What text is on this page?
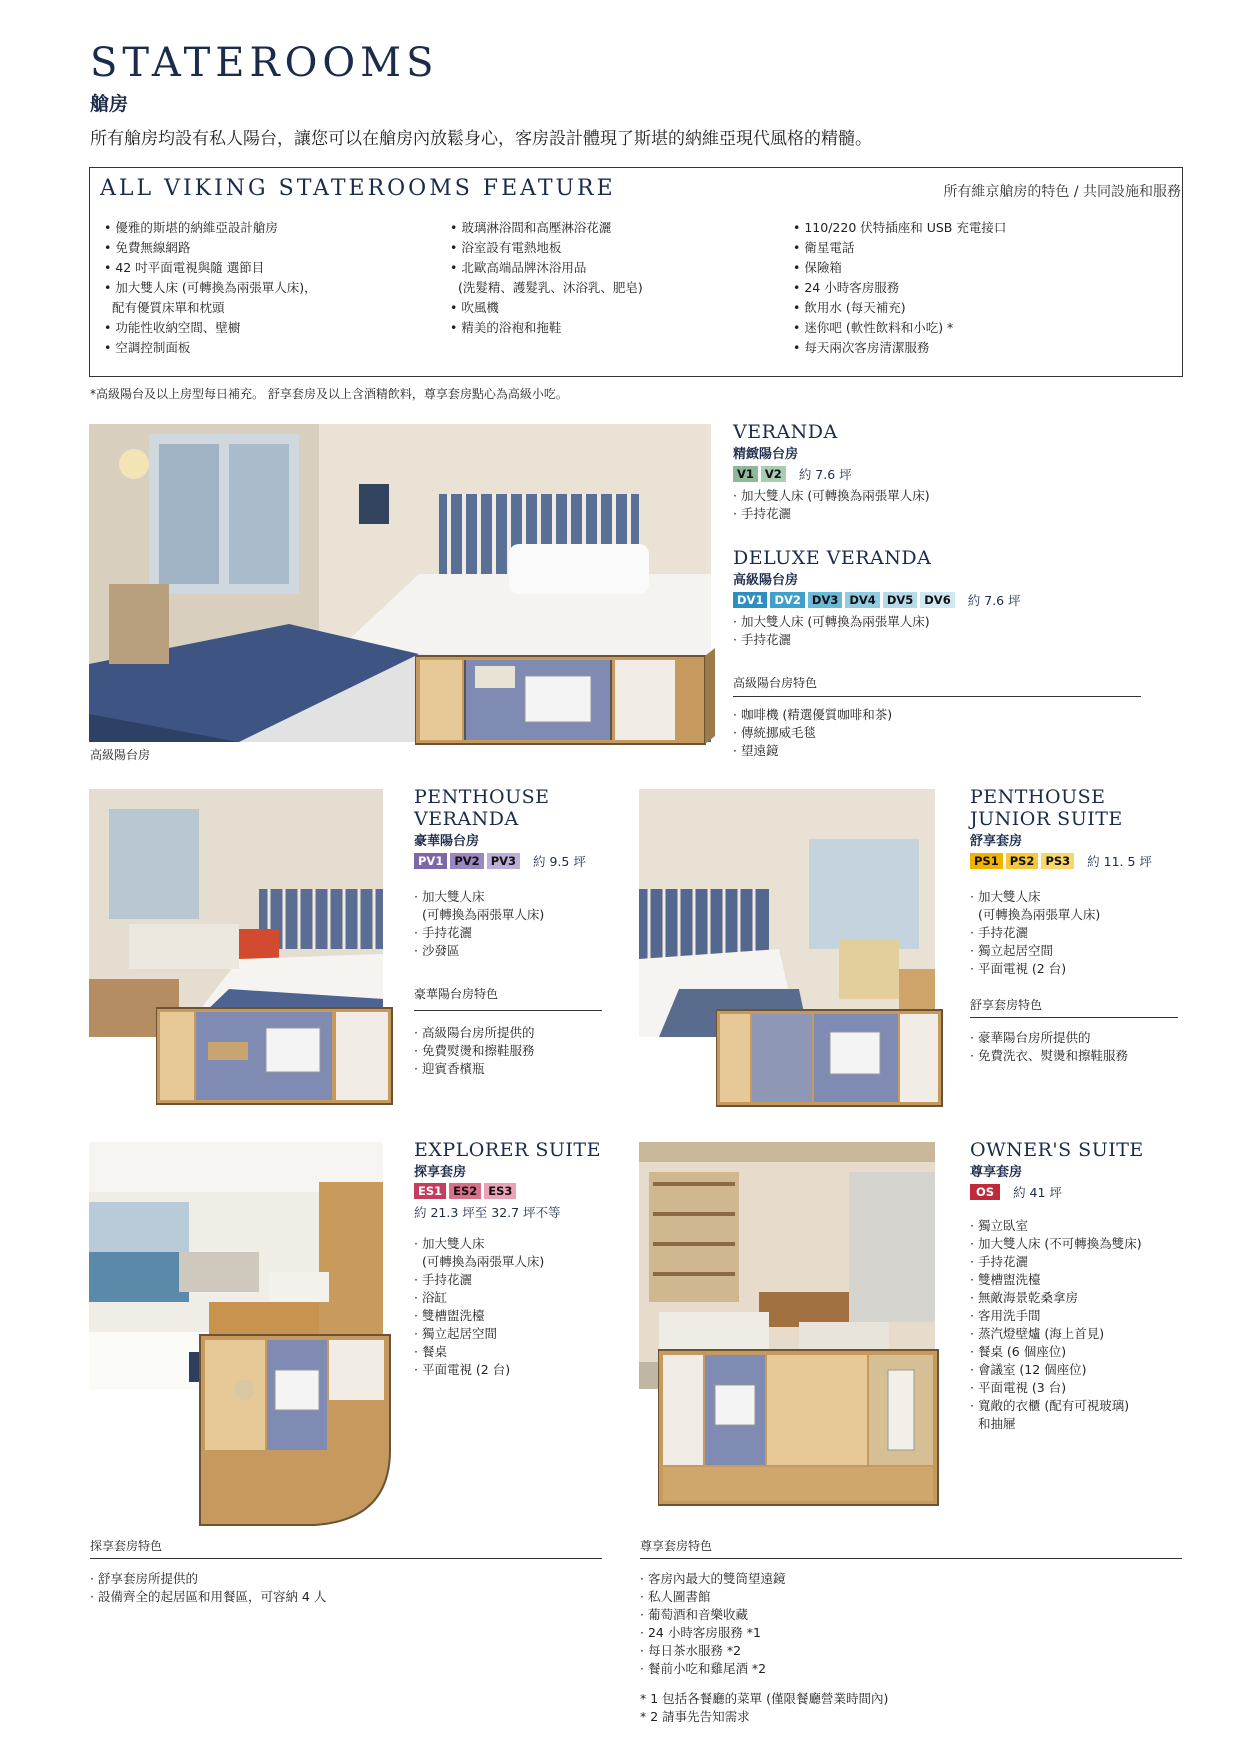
STATEROOMS
艙房
所有艙房均設有私人陽台，讓您可以在艙房內放鬆身心，客房設計體現了斯堪的納維亞現代風格的精髓。
ALL VIKING STATEROOMS FEATURE	所有維京艙房的特色 / 共同設施和服務
• 優雅的斯堪的納維亞設計艙房
• 免費無線網路
• 42 吋平面電視與隨 選節目
• 加大雙人床 (可轉換為兩張單人床)，
配有優質床單和枕頭
• 功能性收納空間、壁櫥
• 空調控制面板
• 玻璃淋浴間和高壓淋浴花灑
• 浴室設有電熱地板
• 北歐高端品牌沐浴用品
(洗髮精、護髮乳、沐浴乳、肥皂)
• 吹風機
• 精美的浴袍和拖鞋
• 110/220 伏特插座和 USB 充電接口
• 衛星電話
• 保險箱
• 24 小時客房服務
• 飲用水 (每天補充)
• 迷你吧 (軟性飲料和小吃) *
• 每天兩次客房清潔服務
*高級陽台及以上房型每日補充。 舒享套房及以上含酒精飲料，尊享套房點心為高級小吃。
高級陽台房
VERANDA
精緻陽台房
V1 V2	約 7.6 坪
· 加大雙人床 (可轉換為兩張單人床)
· 手持花灑
DELUXE VERANDA
高級陽台房
DV1 DV2 DV3 DV4 DV5 DV6	約 7.6 坪
· 加大雙人床 (可轉換為兩張單人床)
· 手持花灑
高級陽台房特色
· 咖啡機 (精選優質咖啡和茶)
· 傳統挪威毛毯
· 望遠鏡
PENTHOUSE
VERANDA
豪華陽台房
PV1 PV2 PV3	約 9.5 坪
· 加大雙人床
(可轉換為兩張單人床)
· 手持花灑
· 沙發區
豪華陽台房特色
· 高級陽台房所提供的
· 免費熨燙和擦鞋服務
· 迎賓香檳瓶
PENTHOUSE
JUNIOR SUITE
舒享套房
PS1 PS2 PS3	約 11. 5 坪
· 加大雙人床
(可轉換為兩張單人床)
· 手持花灑
· 獨立起居空間
· 平面電視 (2 台)
舒享套房特色
· 豪華陽台房所提供的
· 免費洗衣、熨燙和擦鞋服務
EXPLORER SUITE
探享套房
ES1 ES2 ES3
約 21.3 坪至 32.7 坪不等
· 加大雙人床
(可轉換為兩張單人床)
· 手持花灑
· 浴缸
· 雙槽盥洗檯
· 獨立起居空間
· 餐桌
· 平面電視 (2 台)
探享套房特色
· 舒享套房所提供的
· 設備齊全的起居區和用餐區，可容納 4 人
OWNER'S SUITE
尊享套房
OS	約 41 坪
· 獨立臥室
· 加大雙人床 (不可轉換為雙床)
· 手持花灑
· 雙槽盥洗檯
· 無敵海景乾桑拿房
· 客用洗手間
· 蒸汽燈壁爐 (海上首見)
· 餐桌 (6 個座位)
· 會議室 (12 個座位)
· 平面電視 (3 台)
· 寬敞的衣櫃 (配有可視玻璃)
和抽屜
尊享套房特色
· 客房內最大的雙筒望遠鏡
· 私人圖書館
· 葡萄酒和音樂收藏
· 24 小時客房服務 *1
· 每日茶水服務 *2
· 餐前小吃和雞尾酒 *2
* 1 包括各餐廳的菜單 (僅限餐廳營業時間內)
* 2 請事先告知需求
